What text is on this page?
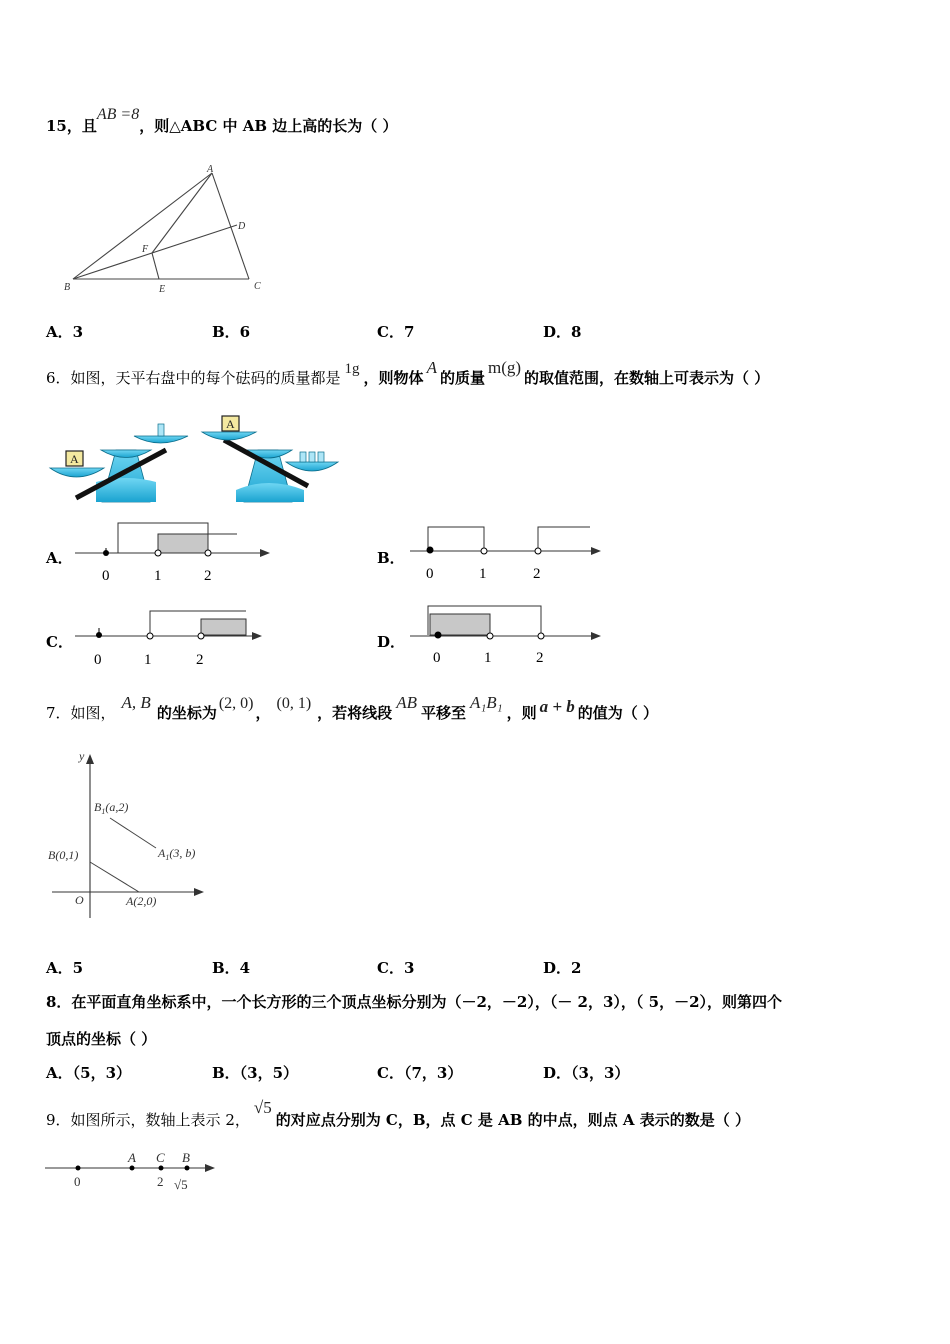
15，且AB =8，则△ABC 中 AB 边上高的长为（ ）
A
B	C
D
E
F
A．3	B．6	C．7	D．8
6．如图，天平右盘中的每个砝码的质量都是 1g ，则物体A的质量m(g)的取值范围，在数轴上可表示为（ ）
A
A
A．
0	1	2
B．
0	1	2
C．
0	1	2
D．
0	1	2
7．如图，A, B的坐标为(2, 0)，(0, 1)，若将线段AB平移至A₁B₁，则 a + b 的值为（ ）
y
O
$B_1(a,2)$
$A_1(3$, b)
B(0,1)
A(2,0)
A．5	B．4	C．3	D．2
8．在平面直角坐标系中，一个长方形的三个顶点坐标分别为（－2，－2），（－ 2，3），（ 5，－2），则第四个
顶点的坐标（ ）
A．（5，3）	B．（3，5）	C．（7，3）	D．（3，3）
9．如图所示，数轴上表示 2，√5的对应点分别为 C，B，点 C 是 AB 的中点，则点 A 表示的数是（ ）
0
A C B
2 √5
